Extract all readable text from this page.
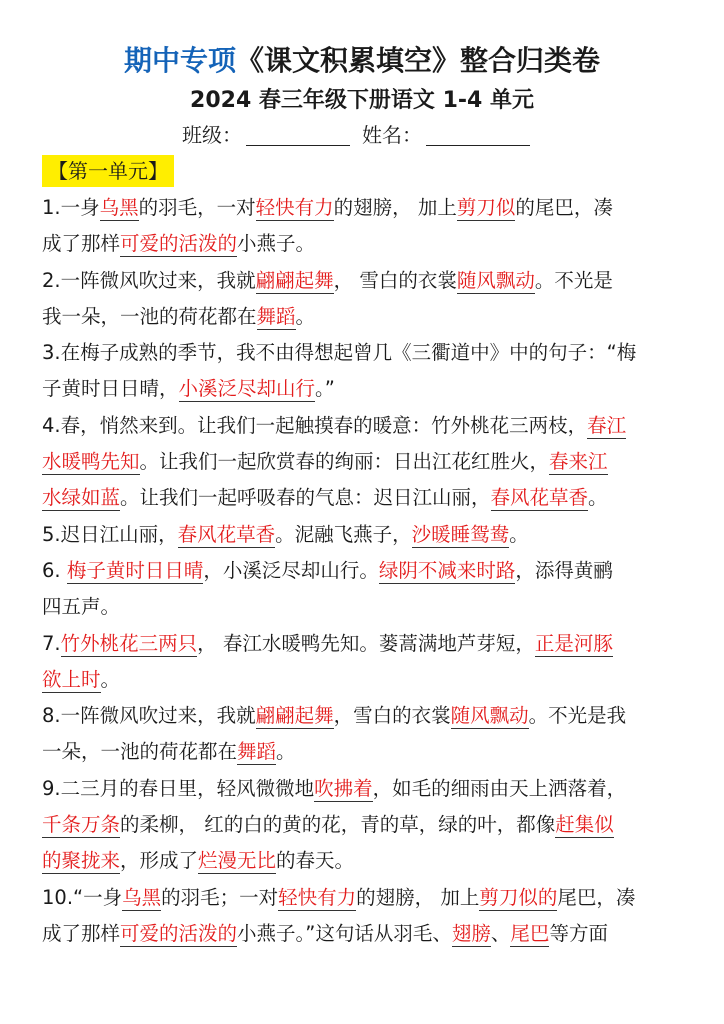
期中专项《课文积累填空》整合归类卷
2024 春三年级下册语文 1-4 单元
班级：	姓名：
【第一单元】
1.一身乌黑的羽毛，一对轻快有力的翅膀， 加上剪刀似的尾巴，凑
成了那样可爱的活泼的小燕子。
2.一阵微风吹过来，我就翩翩起舞， 雪白的衣裳随风飘动。不光是
我一朵，一池的荷花都在舞蹈。
3.在梅子成熟的季节，我不由得想起曾几《三衢道中》中的句子：“梅
子黄时日日晴，小溪泛尽却山行。”
4.春，悄然来到。让我们一起触摸春的暖意：竹外桃花三两枝，春江
水暖鸭先知。让我们一起欣赏春的绚丽：日出江花红胜火，春来江
水绿如蓝。让我们一起呼吸春的气息：迟日江山丽，春风花草香。
5.迟日江山丽，春风花草香。泥融飞燕子，沙暖睡鸳鸯。
6. 梅子黄时日日晴，小溪泛尽却山行。绿阴不减来时路，添得黄鹂
四五声。
7.竹外桃花三两只， 春江水暖鸭先知。蒌蒿满地芦芽短，正是河豚
欲上时。
8.一阵微风吹过来，我就翩翩起舞，雪白的衣裳随风飘动。不光是我
一朵，一池的荷花都在舞蹈。
9.二三月的春日里，轻风微微地吹拂着，如毛的细雨由天上洒落着，
千条万条的柔柳， 红的白的黄的花，青的草，绿的叶，都像赶集似
的聚拢来，形成了烂漫无比的春天。
10.“一身乌黑的羽毛；一对轻快有力的翅膀， 加上剪刀似的尾巴，凑
成了那样可爱的活泼的小燕子。”这句话从羽毛、翅膀、尾巴等方面
